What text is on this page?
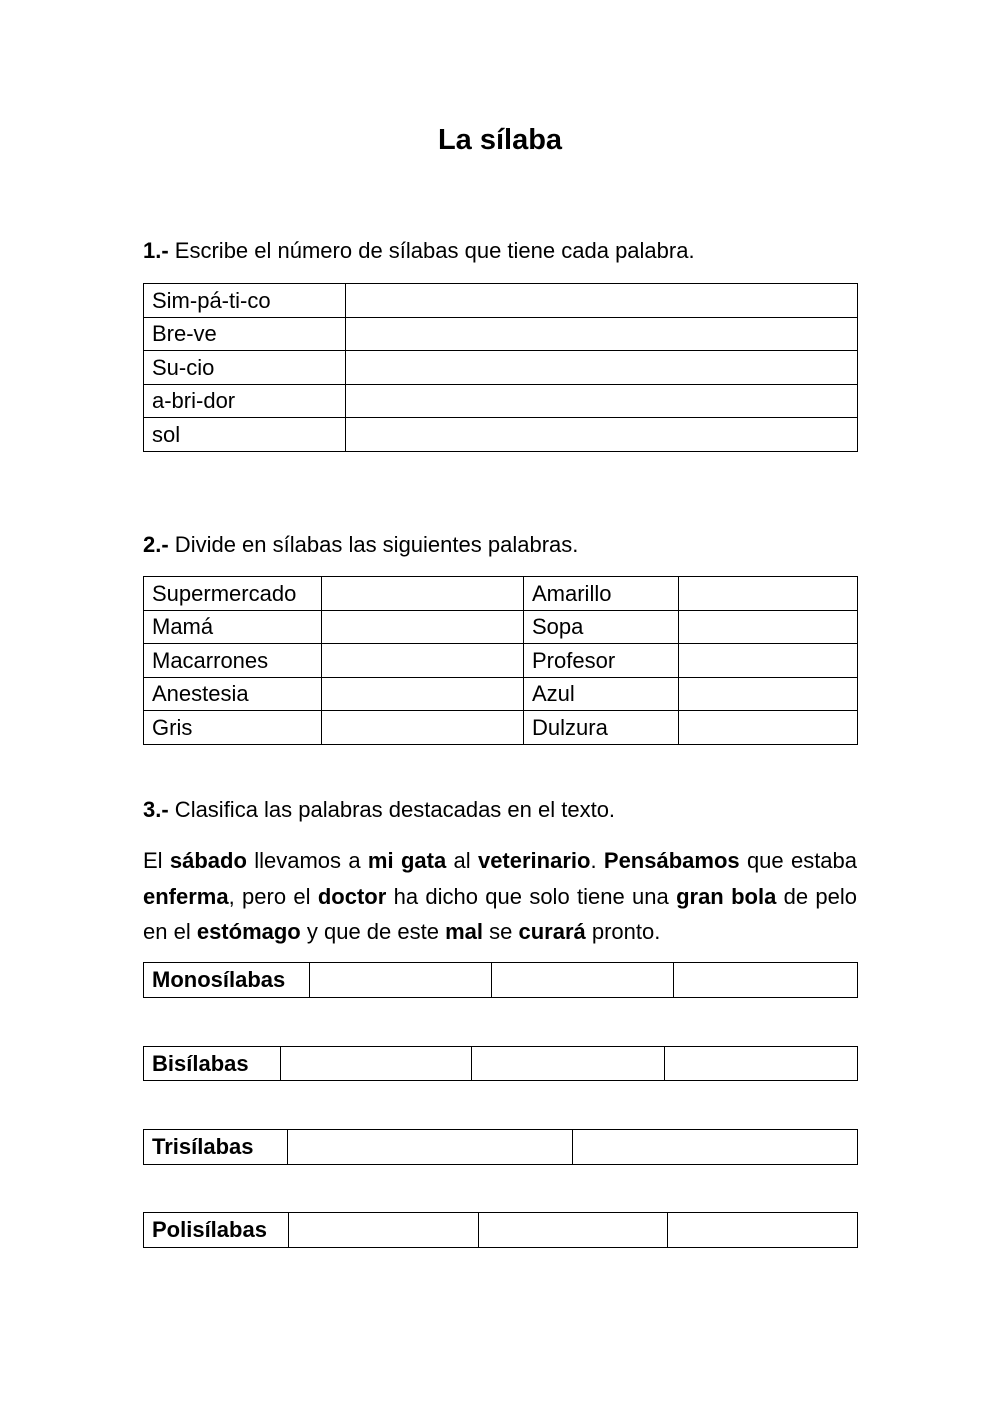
La sílaba
1.- Escribe el número de sílabas que tiene cada palabra.
Sim-pá-ti-co	
Bre-ve	
Su-cio	
a-bri-dor	
sol	
2.- Divide en sílabas las siguientes palabras.
Supermercado		Amarillo	
Mamá		Sopa	
Macarrones		Profesor	
Anestesia		Azul	
Gris		Dulzura	
3.- Clasifica las palabras destacadas en el texto.

El sábado llevamos a mi gata al veterinario. Pensábamos que estaba enferma, pero el doctor ha dicho que solo tiene una gran bola de pelo en el estómago y que de este mal se curará pronto.

Monosílabas			
Bisílabas			
Trisílabas		
Polisílabas			
